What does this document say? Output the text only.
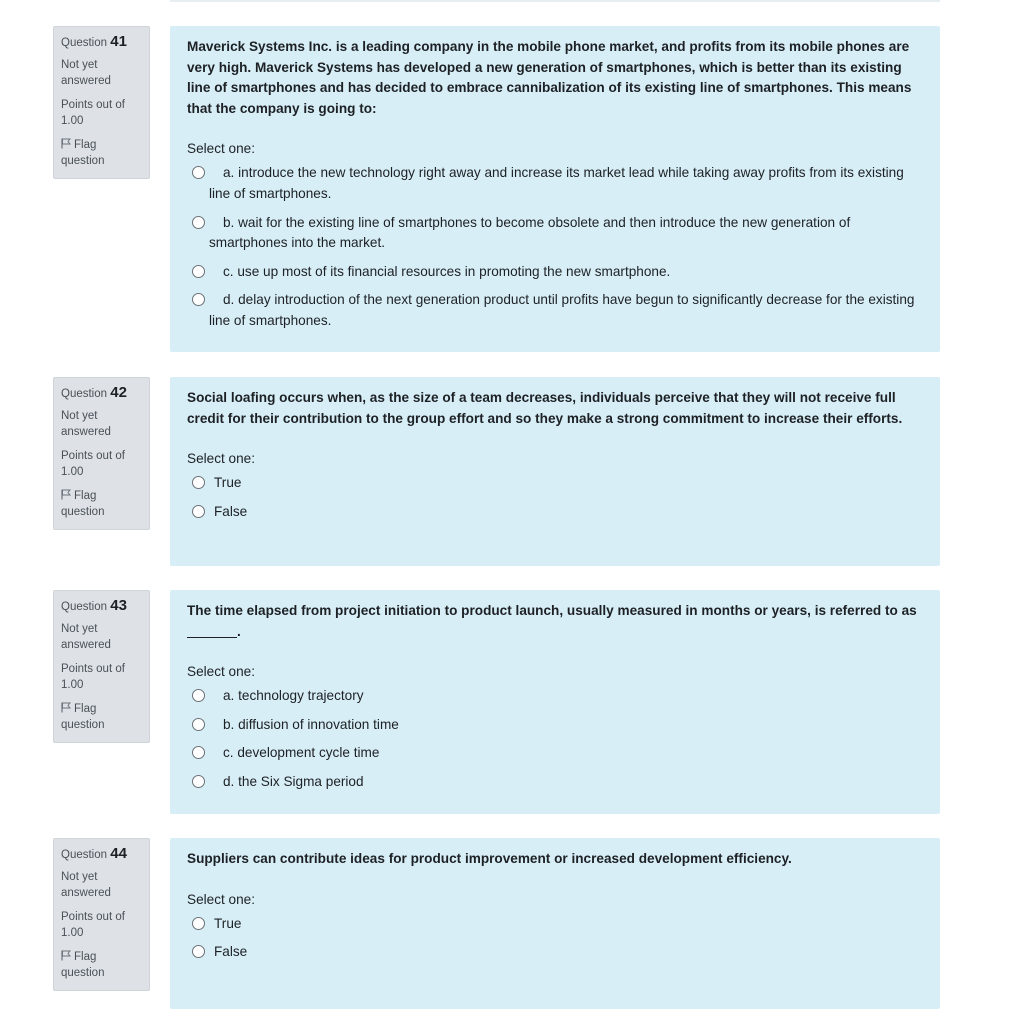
Question 41
Not yet answered
Points out of 1.00
Flag question
Maverick Systems Inc. is a leading company in the mobile phone market, and profits from its mobile phones are very high. Maverick Systems has developed a new generation of smartphones, which is better than its existing line of smartphones and has decided to embrace cannibalization of its existing line of smartphones. This means that the company is going to:
Select one:
a. introduce the new technology right away and increase its market lead while taking away profits from its existing line of smartphones.
b. wait for the existing line of smartphones to become obsolete and then introduce the new generation of smartphones into the market.
c. use up most of its financial resources in promoting the new smartphone.
d. delay introduction of the next generation product until profits have begun to significantly decrease for the existing line of smartphones.
Question 42
Not yet answered
Points out of 1.00
Flag question
Social loafing occurs when, as the size of a team decreases, individuals perceive that they will not receive full credit for their contribution to the group effort and so they make a strong commitment to increase their efforts.
Select one:
True
False
Question 43
Not yet answered
Points out of 1.00
Flag question
The time elapsed from project initiation to product launch, usually measured in months or years, is referred to as .
Select one:
a. technology trajectory
b. diffusion of innovation time
c. development cycle time
d. the Six Sigma period
Question 44
Not yet answered
Points out of 1.00
Flag question
Suppliers can contribute ideas for product improvement or increased development efficiency.
Select one:
True
False
